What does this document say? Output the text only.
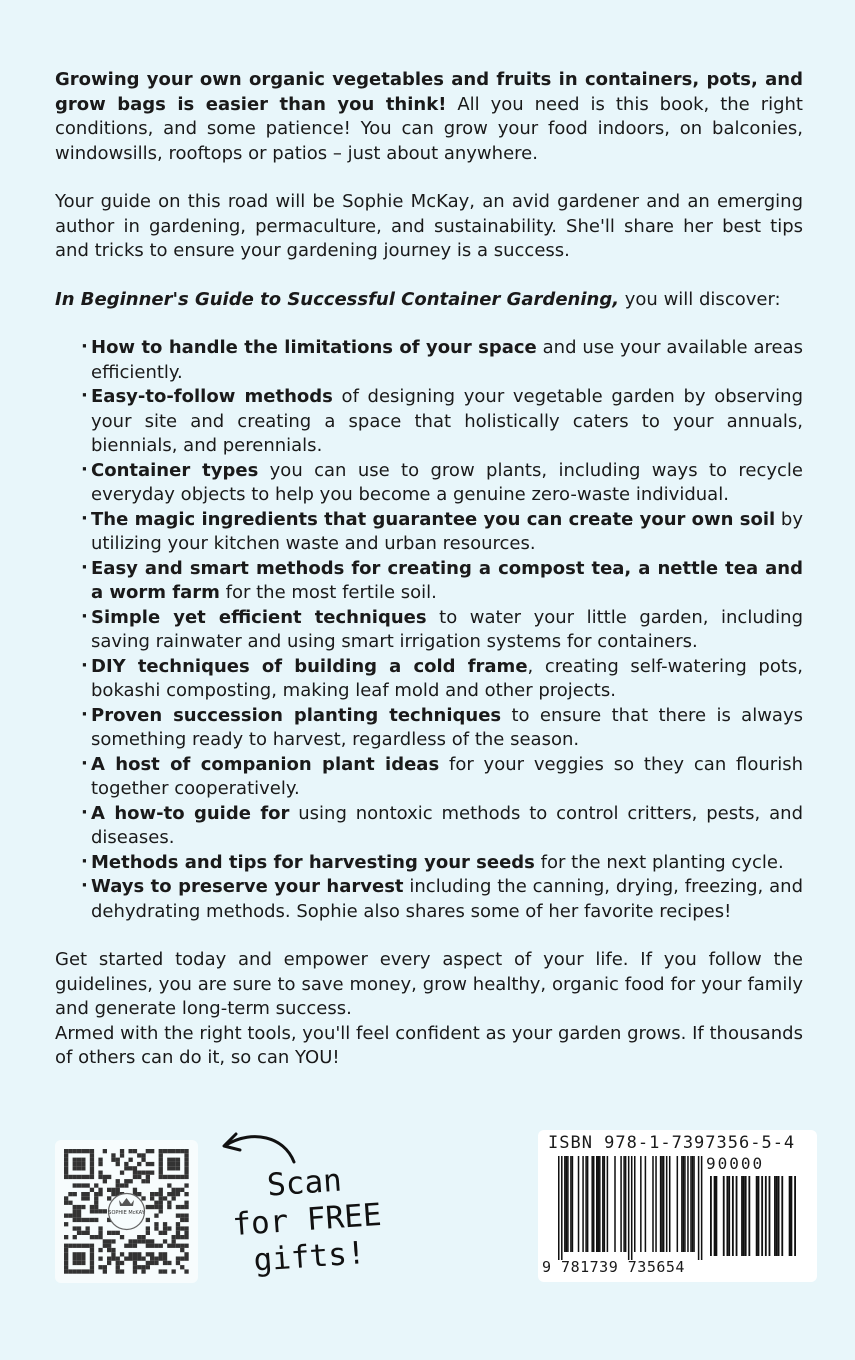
Growing your own organic vegetables and fruits in containers, pots, and grow bags is easier than you think! All you need is this book, the right conditions, and some patience! You can grow your food indoors, on balconies, windowsills, rooftops or patios – just about anywhere.

Your guide on this road will be Sophie McKay, an avid gardener and an emerging author in gardening, permaculture, and sustainability. She'll share her best tips and tricks to ensure your gardening journey is a success.

In Beginner's Guide to Successful Container Gardening, you will discover:

· How to handle the limitations of your space and use your available areas efficiently.
· Easy-to-follow methods of designing your vegetable garden by observing your site and creating a space that holistically caters to your annuals, biennials, and perennials.
· Container types you can use to grow plants, including ways to recycle everyday objects to help you become a genuine zero-waste individual.
· The magic ingredients that guarantee you can create your own soil by utilizing your kitchen waste and urban resources.
· Easy and smart methods for creating a compost tea, a nettle tea and a worm farm for the most fertile soil.
· Simple yet efficient techniques to water your little garden, including saving rainwater and using smart irrigation systems for containers.
· DIY techniques of building a cold frame, creating self-watering pots, bokashi composting, making leaf mold and other projects.
· Proven succession planting techniques to ensure that there is always something ready to harvest, regardless of the season.
· A host of companion plant ideas for your veggies so they can flourish together cooperatively.
· A how-to guide for using nontoxic methods to control critters, pests, and diseases.
· Methods and tips for harvesting your seeds for the next planting cycle.
· Ways to preserve your harvest including the canning, drying, freezing, and dehydrating methods. Sophie also shares some of her favorite recipes!

Get started today and empower every aspect of your life. If you follow the guidelines, you are sure to save money, grow healthy, organic food for your family and generate long-term success.

Armed with the right tools, you'll feel confident as your garden grows. If thousands of others can do it, so can YOU!

SOPHIE McKAY
Scan
for FREE
gifts!
ISBN 978-1-7397356-5-4
90000
9 781739 735654
